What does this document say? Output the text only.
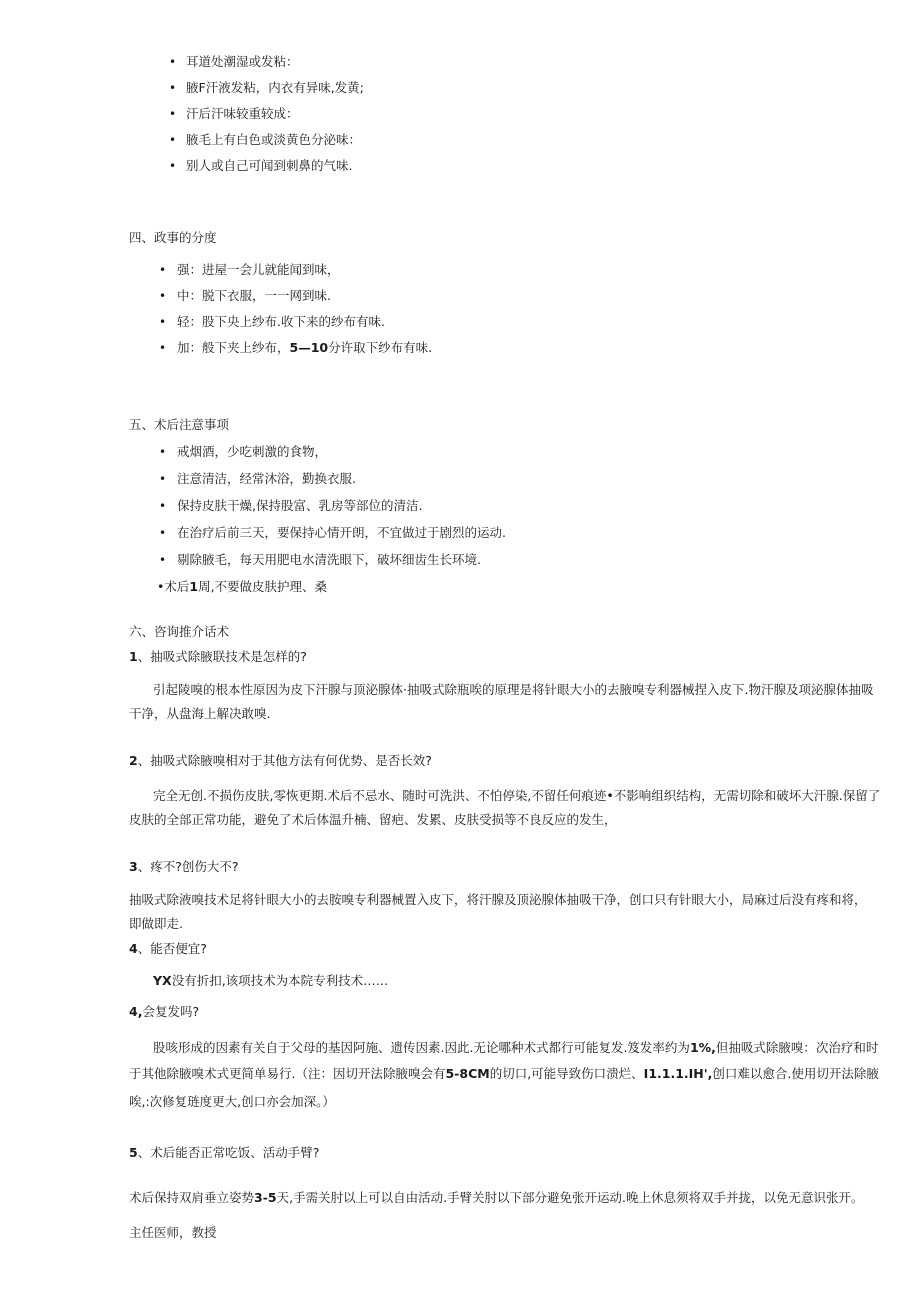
• 耳道处潮湿或发粘：
• 腋F汗液发粘，内衣有异味,发黄;
• 汗后汗味较重较成：
• 腋毛上有白色或淡黄色分泌味：
• 别人或自己可闻到刺鼻的气味.
四、政事的分度
• 强：进屋一会儿就能闻到味，
• 中：脱下衣服，一一网到味.
• 轻：股下央上纱布.收下来的纱布有味.
• 加：般下夹上纱布，5—10分许取下纱布有味.
五、术后注意事项
• 戒烟酒，少吃刺激的食物，
• 注意清洁，经常沐浴，勤换衣服.
• 保持皮肤干燥,保持股富、乳房等部位的清洁.
• 在治疗后前三天，要保持心情开朗，不宜做过于剧烈的运动.
• 剔除腋毛，每天用肥电水清洗眼下，破坏细齿生长环境.
•术后1周,不要做皮肤护理、桑
六、咨询推介话术
1、抽吸式除腋联技术是怎样的?
引起陵嗅的根本性原因为皮下汗腺与顶泌腺体·抽吸式除瓶唉的原理是将针眼大小的去腋嗅专利器械捏入皮下.物汗腺及项泌腺体抽吸
干净，从盘海上解决敢嗅.
2、抽吸式除腋嗅相对于其他方法有何优势、是否长效?
完全无创.不损伤皮肤,零恢更期.术后不忌水、随时可洗洪、不怕停染,不留任何痕迹•不影响组织结构，无需切除和破坏大汗腺.保留了
皮肤的全部正常功能，避免了术后体温升楠、留疤、发累、皮肤受损等不良反应的发生，
3、疼不?创伤大不?
抽吸式除液嗅技术足将针眼大小的去胺嗅专利器械置入皮下，将汗腺及顶泌腺体抽吸干净，创口只有针眼大小，局麻过后没有疼和将，
即做即走.
4、能否便宜?
YX没有折扣,该项技术为本院专利技术……
4,会复发吗?
股咳形成的因素有关自于父母的基因阿施、遗传因素.因此.无论哪种术式都行可能复发.笈发率约为1%,但抽吸式除腋嗅：次治疗和时
于其他除腋嗅术式更简单易行.（注：因切开法除腋嗅会有5-8CM的切口,可能导致伤口溃烂、I1.1.1.IH',创口难以愈合.使用切开法除腋
唉,:次修复琏度更大,创口亦会加深。）
5、术后能否正常吃饭、活动手臂?
术后保持双肩垂立姿势3-5天,手需关肘以上可以自由活动.手臂关肘以下部分避免张开运动.晚上休息须将双手并拢，以免无意识张开。
主任医师，教授
